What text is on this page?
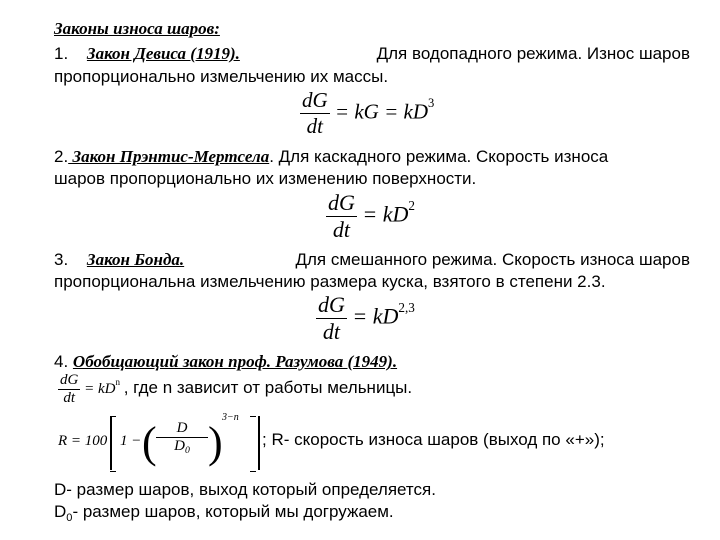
Законы износа шаров:
1. Закон Девиса (1919).	Для водопадного режима. Износ шаров
пропорционально измельчению их массы.
$\frac{dG}{dt}$ = kG = $kD^3$
2. Закон Прэнтис-Мертсела. Для каскадного режима. Скорость износа
шаров пропорционально их изменению поверхности.
$\frac{dG}{dt} = kD^2$
3. Закон Бонда.	Для смешанного режима. Скорость износа шаров
пропорциональна измельчению размера куска, взятого в степени 2.3.
$\frac{dG}{dt} = kD^{2,3}$
4. Обобщающий закон проф. Разумова (1949).
$\frac{dG}{dt} = kD^n$ , где n зависит от работы мельницы.
R = 100 1 − ( $\frac{D}{D_0}$ )
3−n
; R- скорость износа шаров (выход по «+»);
D- размер шаров, выход который определяется.
$D_0-$ размер шаров, который мы догружаем.
